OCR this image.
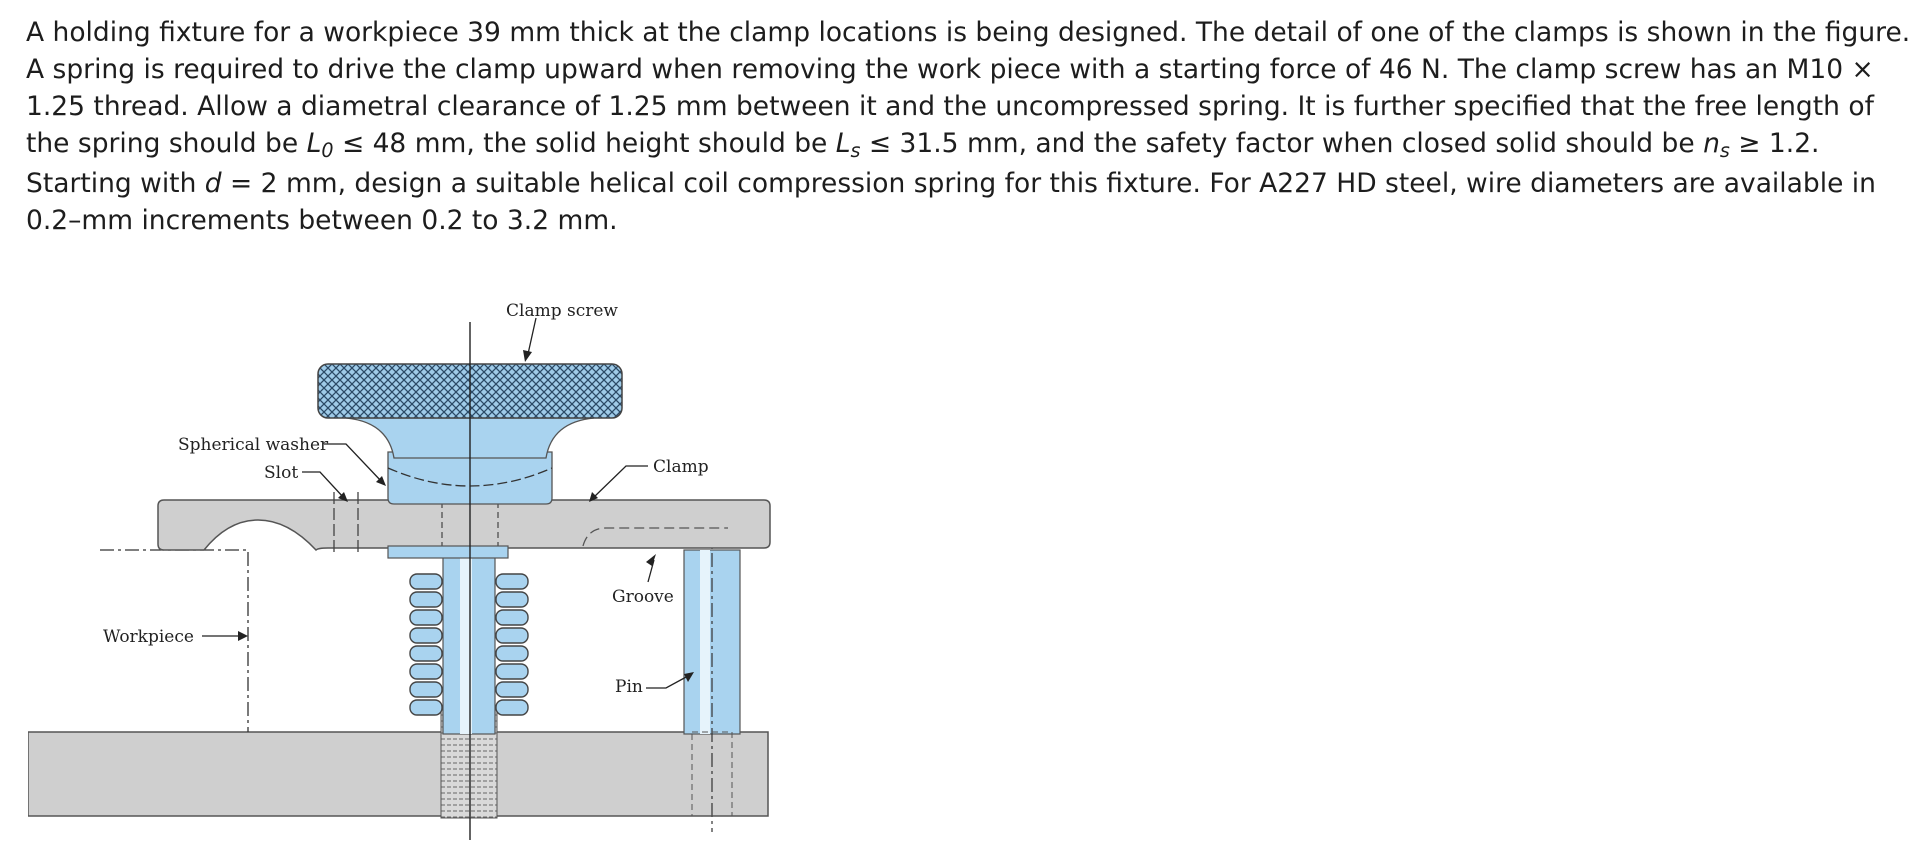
A holding fixture for a workpiece 39 mm thick at the clamp locations is being designed. The detail of one of the clamps is shown in the figure. A spring is required to drive the clamp upward when removing the work piece with a starting force of 46 N. The clamp screw has an M10 × 1.25 thread. Allow a diametral clearance of 1.25 mm between it and the uncompressed spring. It is further specified that the free length of the spring should be $L_0 \le 48$ mm, the solid height should be $L_s \le 31.5$ mm, and the safety factor when closed solid should be $n_s \ge 1.2$. Starting with d = 2 mm, design a suitable helical coil compression spring for this fixture. For A227 HD steel, wire diameters are available in 0.2–mm increments between 0.2 to 3.2 mm.

Clamp screw
Spherical washer
Slot	Clamp
Groove
Workpiece
Pin
